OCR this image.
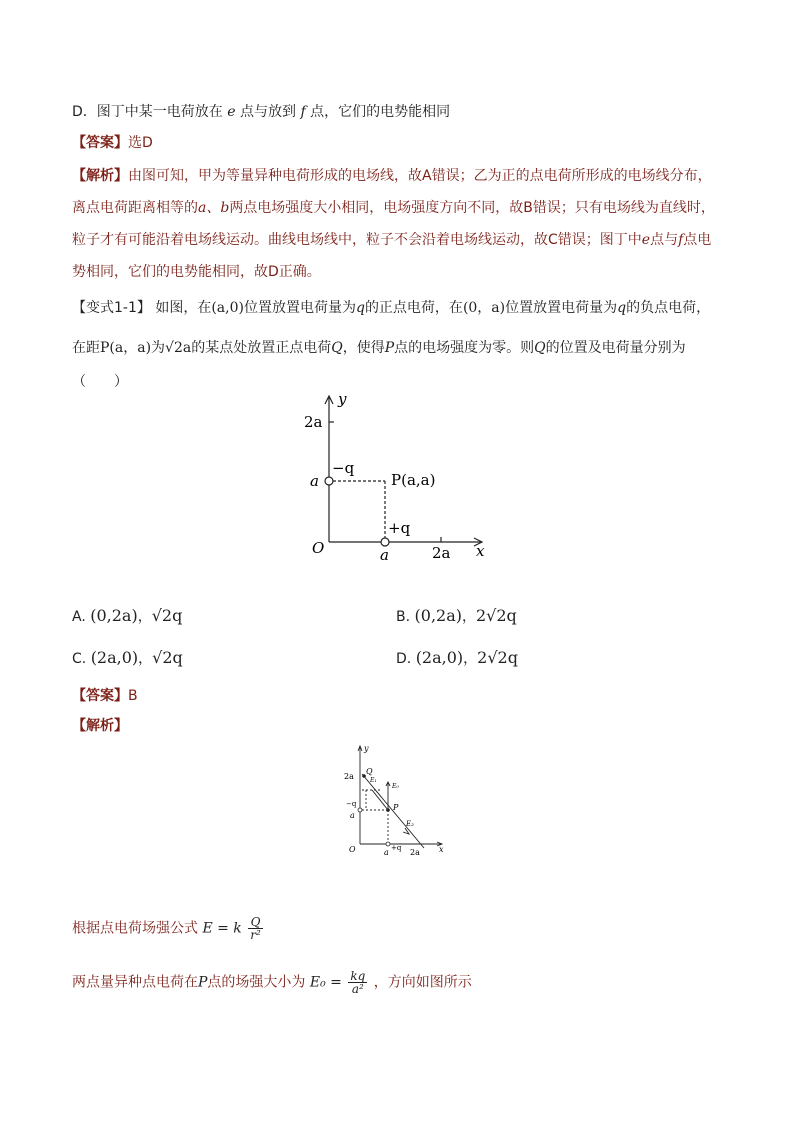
D．图丁中某一电荷放在 e 点与放到 f 点，它们的电势能相同
【答案】选D
【解析】由图可知，甲为等量异种电荷形成的电场线，故A错误；乙为正的点电荷所形成的电场线分布，
离点电荷距离相等的a、b两点电场强度大小相同，电场强度方向不同，故B错误；只有电场线为直线时，
粒子才有可能沿着电场线运动。曲线电场线中，粒子不会沿着电场线运动，故C错误；图丁中e点与f点电
势相同，它们的电势能相同，故D正确。
【变式1-1】 如图，在(a,0)位置放置电荷量为q的正点电荷，在(0，a)位置放置电荷量为q的负点电荷，
在距P(a，a)为√2a的某点处放置正点电荷Q，使得P点的电场强度为零。则Q的位置及电荷量分别为
（　　）
y
x
O
2a
a
a	2a
−q
+q
P(a,a)
A. (0,2a)，√2q	B. (0,2a)，2√2q
C. (2a,0)，√2q	D. (2a,0)，2√2q
【答案】B
【解析】
y
x
O
2a
−q
a
Q
E₁
E₀
P
E₂
a +q 2a
根据点电荷场强公式 E = k $\frac{Q}{\text{r²}}$
两点量异种点电荷在P点的场强大小为 $E_0 = \frac{kq}{\text{a²}}$ ，方向如图所示
